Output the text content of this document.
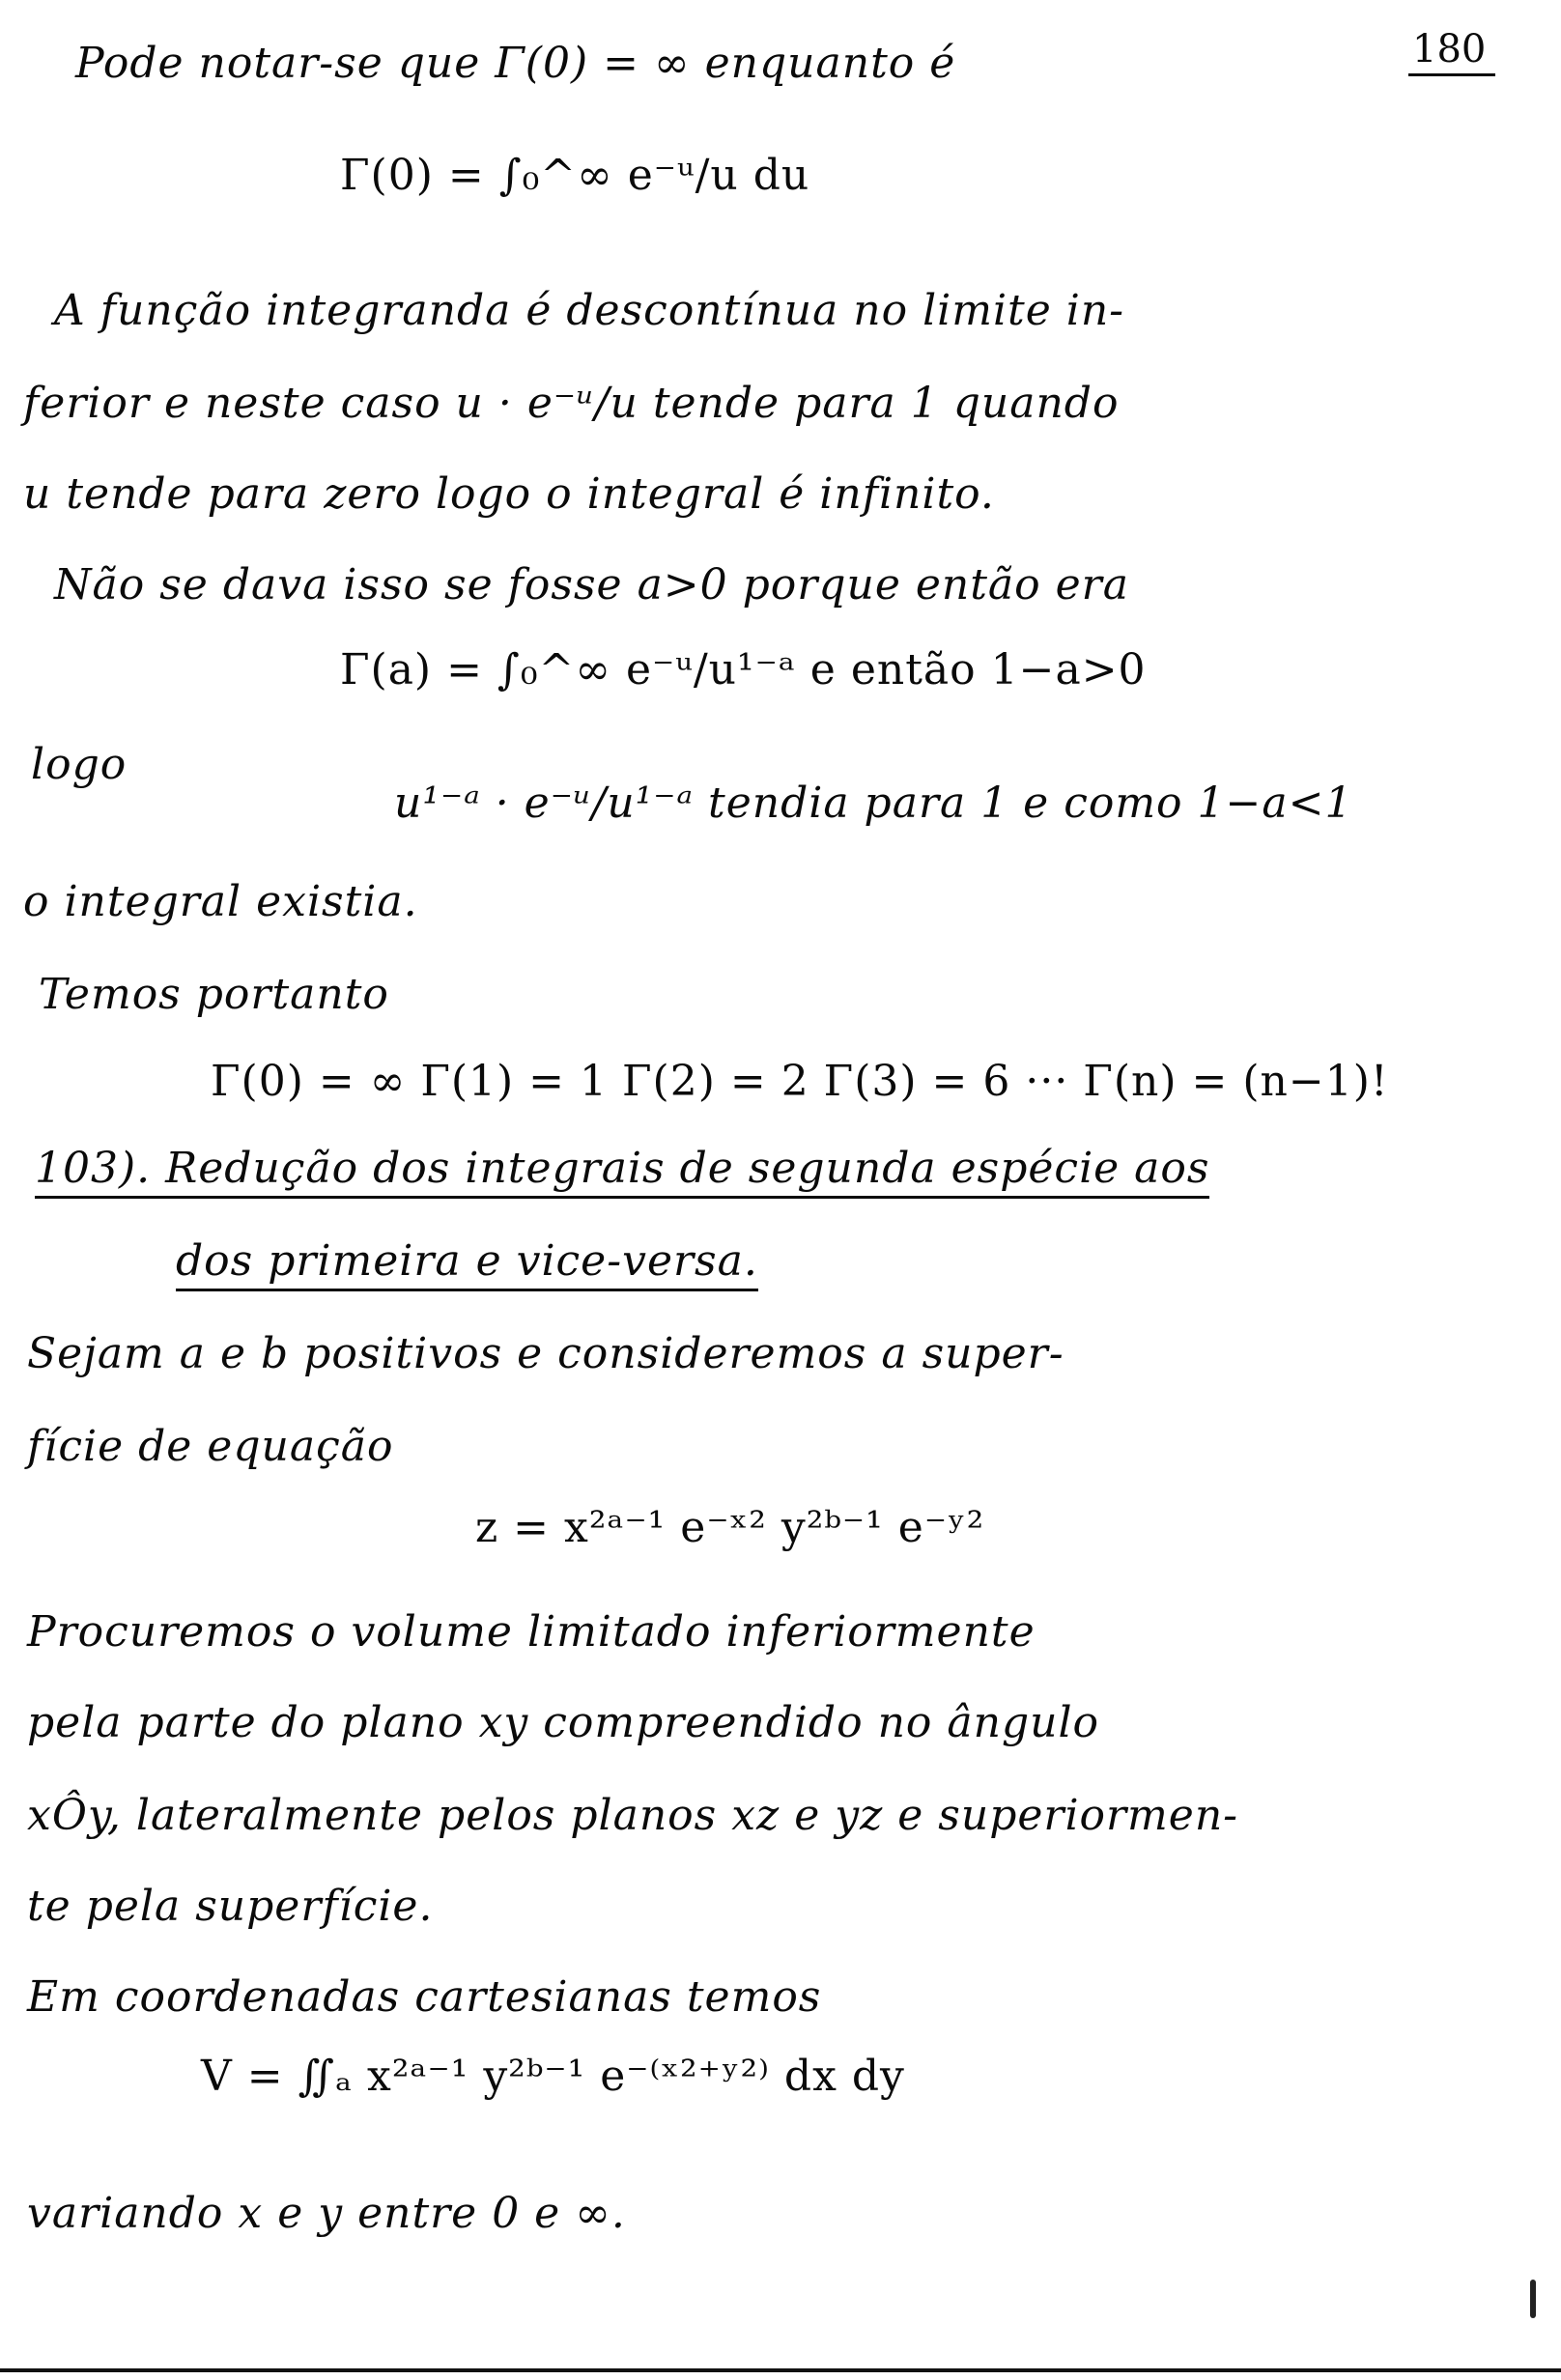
180
Pode notar-se que Γ(0) = ∞ enquanto é
Γ(0) = ∫₀^∞ e⁻ᵘ/u du
A função integranda é descontínua no limite in-
ferior e neste caso u · e⁻ᵘ/u tende para 1 quando
u tende para zero logo o integral é infinito.
Não se dava isso se fosse a>0 porque então era
Γ(a) = ∫₀^∞ e⁻ᵘ/u¹⁻ᵃ e então 1−a>0
logo
u¹⁻ᵃ · e⁻ᵘ/u¹⁻ᵃ tendia para 1 e como 1−a<1
o integral existia.
Temos portanto
Γ(0) = ∞ Γ(1) = 1 Γ(2) = 2 Γ(3) = 6 ··· Γ(n) = (n−1)!
103). Redução dos integrais de segunda espécie aos
dos primeira e vice-versa.
Sejam a e b positivos e consideremos a super-
fície de equação
z = x²ᵃ⁻¹ e⁻ˣ² y²ᵇ⁻¹ e⁻ʸ²
Procuremos o volume limitado inferiormente
pela parte do plano xy compreendido no ângulo
xÔy, lateralmente pelos planos xz e yz e superiormen-
te pela superfície.
Em coordenadas cartesianas temos
V = ∬ₐ x²ᵃ⁻¹ y²ᵇ⁻¹ e⁻⁽ˣ²⁺ʸ²⁾ dx dy
variando x e y entre 0 e ∞.
